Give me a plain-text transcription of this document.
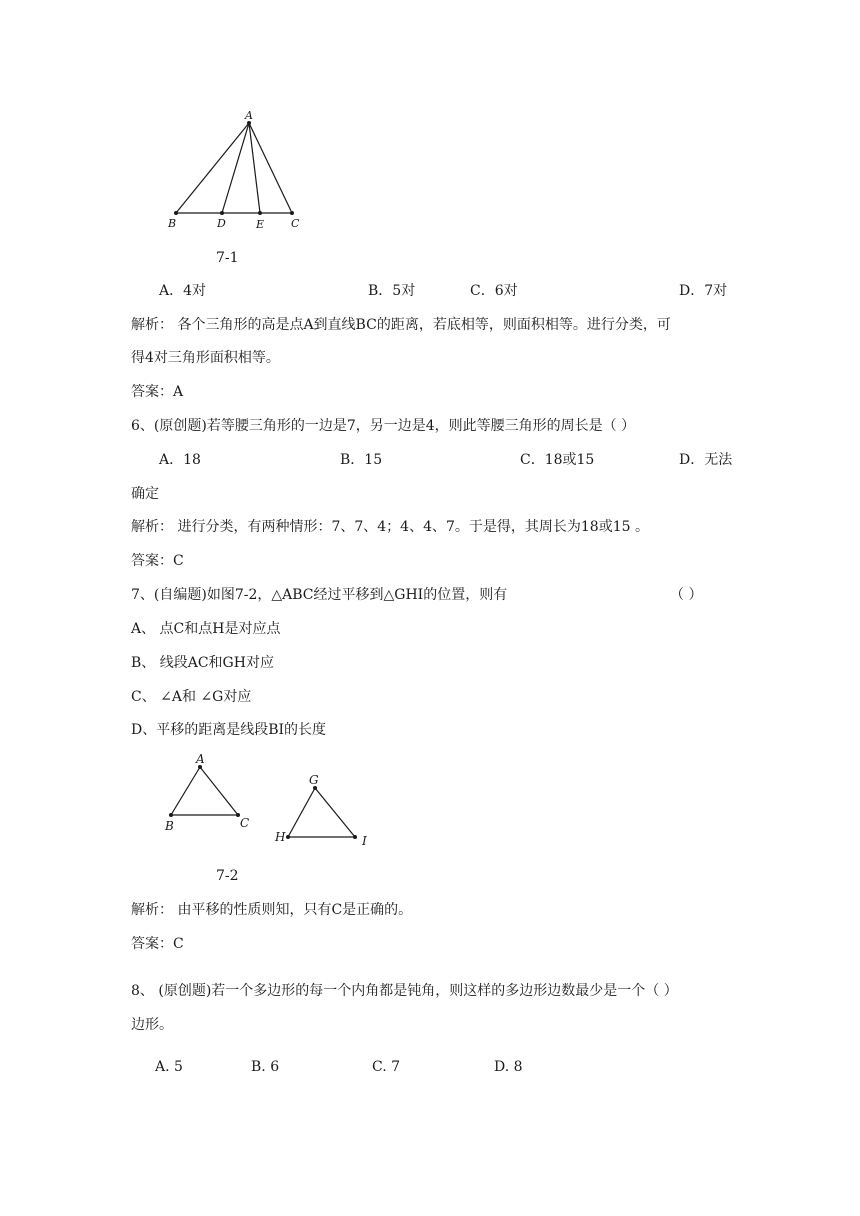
A
B	D	E C
7-1
A．4对	B．5对	C．6对	D．7对
解析： 各个三角形的高是点A到直线BC的距离，若底相等，则面积相等。进行分类，可
得4对三角形面积相等。
答案：A
6、(原创题)若等腰三角形的一边是7，另一边是4，则此等腰三角形的周长是（ ）
A．18	B．15	C．18或15	D．无法
确定
解析： 进行分类，有两种情形：7、7、4；4、4、7。于是得，其周长为18或15 。
答案：C
7、(自编题)如图7-2，△ABC经过平移到△GHI的位置，则有	（ ）
A、 点C和点H是对应点
B、 线段AC和GH对应
C、 ∠A和 ∠G对应
D、平移的距离是线段BI的长度
A
B	C
G
H	I
7-2
解析： 由平移的性质则知，只有C是正确的。
答案：C
8、 (原创题)若一个多边形的每一个内角都是钝角，则这样的多边形边数最少是一个（ ）
边形。
A. 5	B. 6	C. 7	D. 8
